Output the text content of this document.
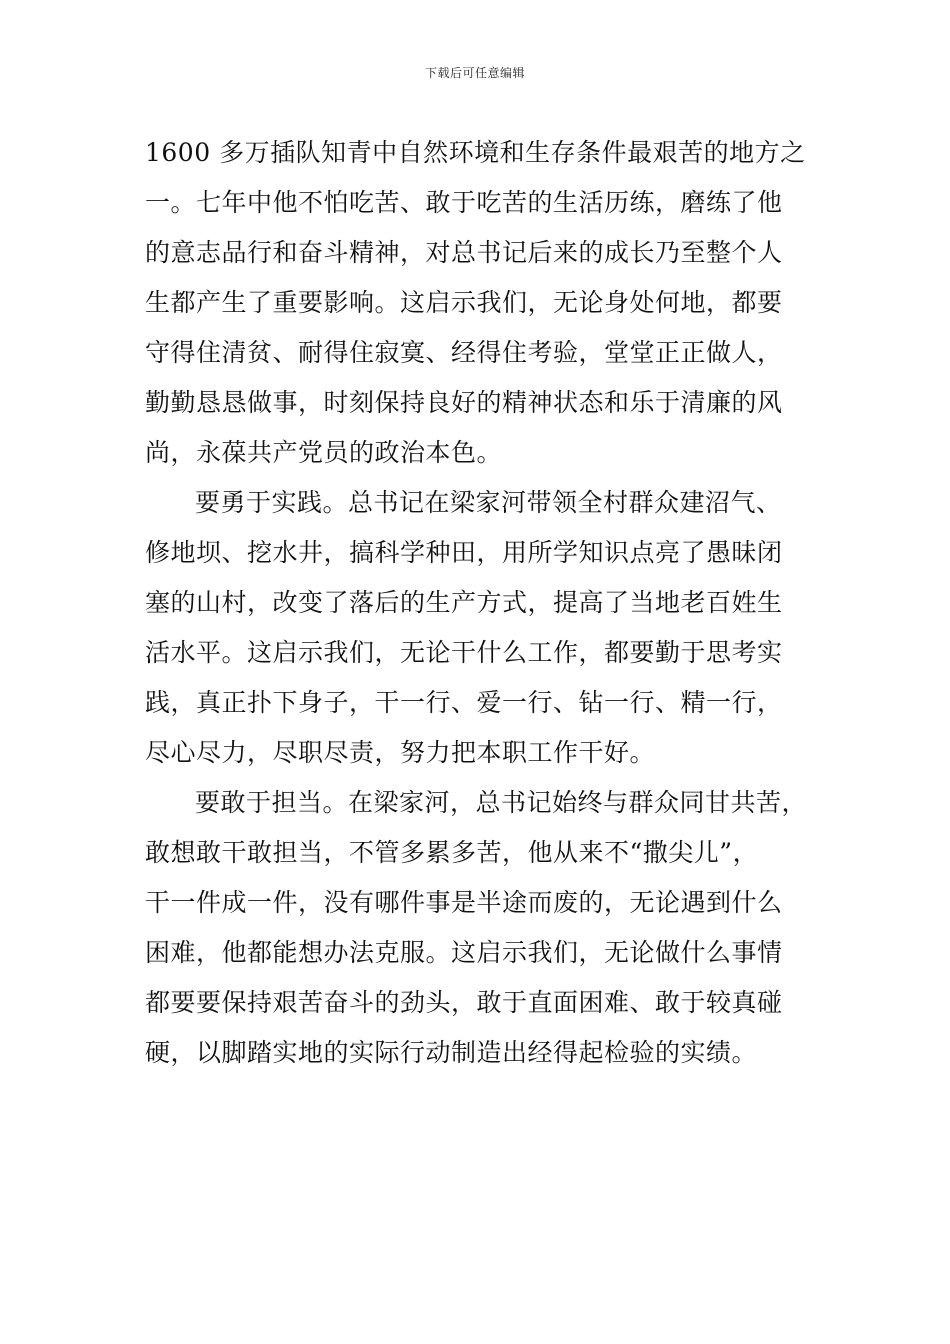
下载后可任意编辑
1600 多万插队知青中自然环境和生存条件最艰苦的地方之
一。七年中他不怕吃苦、敢于吃苦的生活历练，磨练了他
的意志品行和奋斗精神，对总书记后来的成长乃至整个人
生都产生了重要影响。这启示我们，无论身处何地，都要
守得住清贫、耐得住寂寞、经得住考验，堂堂正正做人，
勤勤恳恳做事，时刻保持良好的精神状态和乐于清廉的风
尚，永葆共产党员的政治本色。
要勇于实践。总书记在梁家河带领全村群众建沼气、
修地坝、挖水井，搞科学种田，用所学知识点亮了愚昧闭
塞的山村，改变了落后的生产方式，提高了当地老百姓生
活水平。这启示我们，无论干什么工作，都要勤于思考实
践，真正扑下身子，干一行、爱一行、钻一行、精一行，
尽心尽力，尽职尽责，努力把本职工作干好。
要敢于担当。在梁家河，总书记始终与群众同甘共苦，
敢想敢干敢担当，不管多累多苦，他从来不“撒尖儿”，
干一件成一件，没有哪件事是半途而废的，无论遇到什么
困难，他都能想办法克服。这启示我们，无论做什么事情
都要要保持艰苦奋斗的劲头，敢于直面困难、敢于较真碰
硬，以脚踏实地的实际行动制造出经得起检验的实绩。
